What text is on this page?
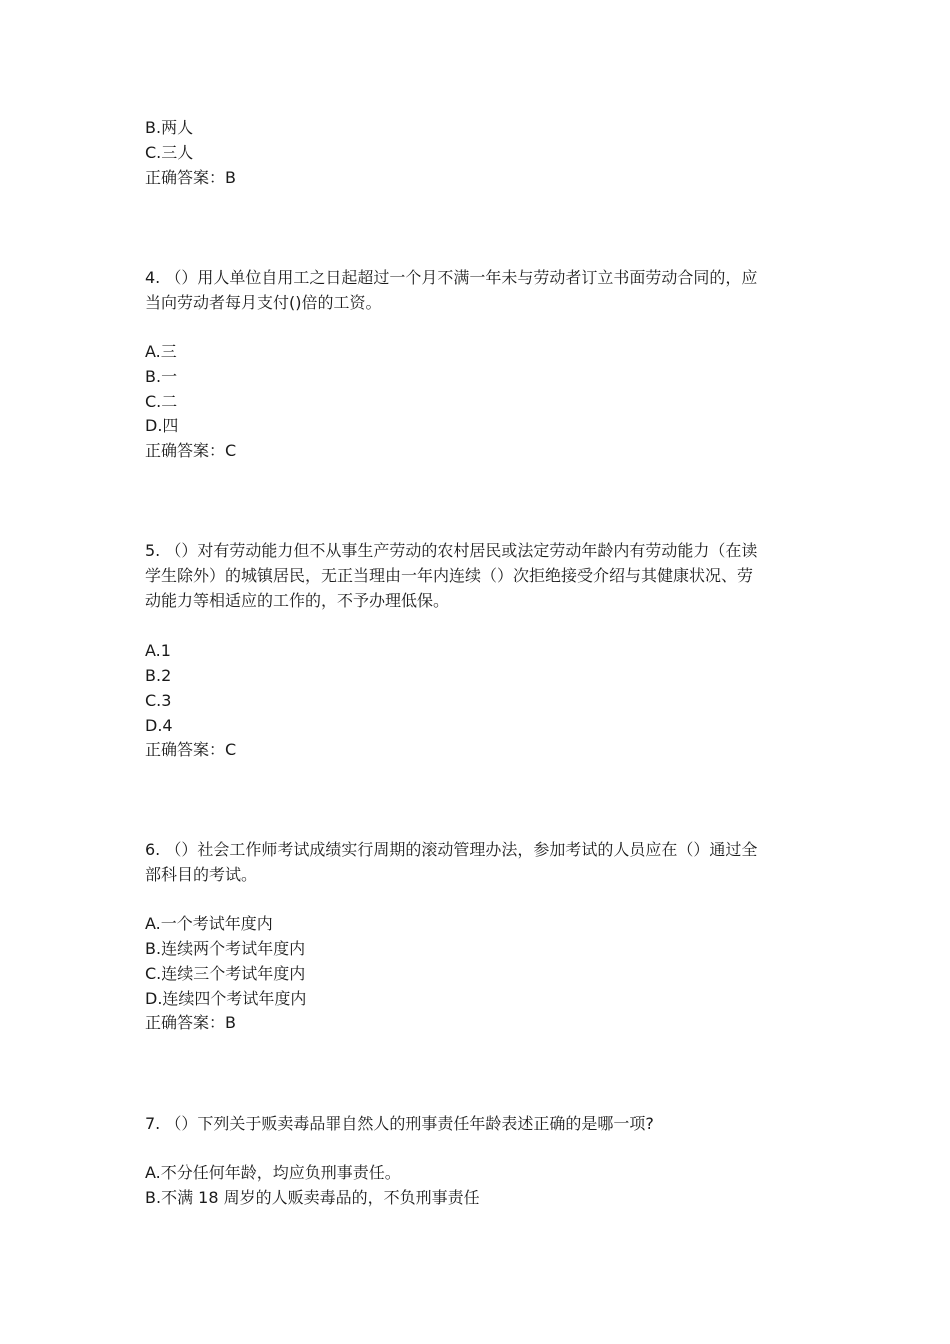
B.两人
C.三人
正确答案：B
4. （）用人单位自用工之日起超过一个月不满一年未与劳动者订立书面劳动合同的，应
当向劳动者每月支付()倍的工资。
A.三
B.一
C.二
D.四
正确答案：C
5. （）对有劳动能力但不从事生产劳动的农村居民或法定劳动年龄内有劳动能力（在读
学生除外）的城镇居民，无正当理由一年内连续（）次拒绝接受介绍与其健康状况、劳
动能力等相适应的工作的，不予办理低保。
A.1
B.2
C.3
D.4
正确答案：C
6. （）社会工作师考试成绩实行周期的滚动管理办法，参加考试的人员应在（）通过全
部科目的考试。
A.一个考试年度内
B.连续两个考试年度内
C.连续三个考试年度内
D.连续四个考试年度内
正确答案：B
7. （）下列关于贩卖毒品罪自然人的刑事责任年龄表述正确的是哪一项?
A.不分任何年龄，均应负刑事责任。
B.不满 18 周岁的人贩卖毒品的，不负刑事责任
